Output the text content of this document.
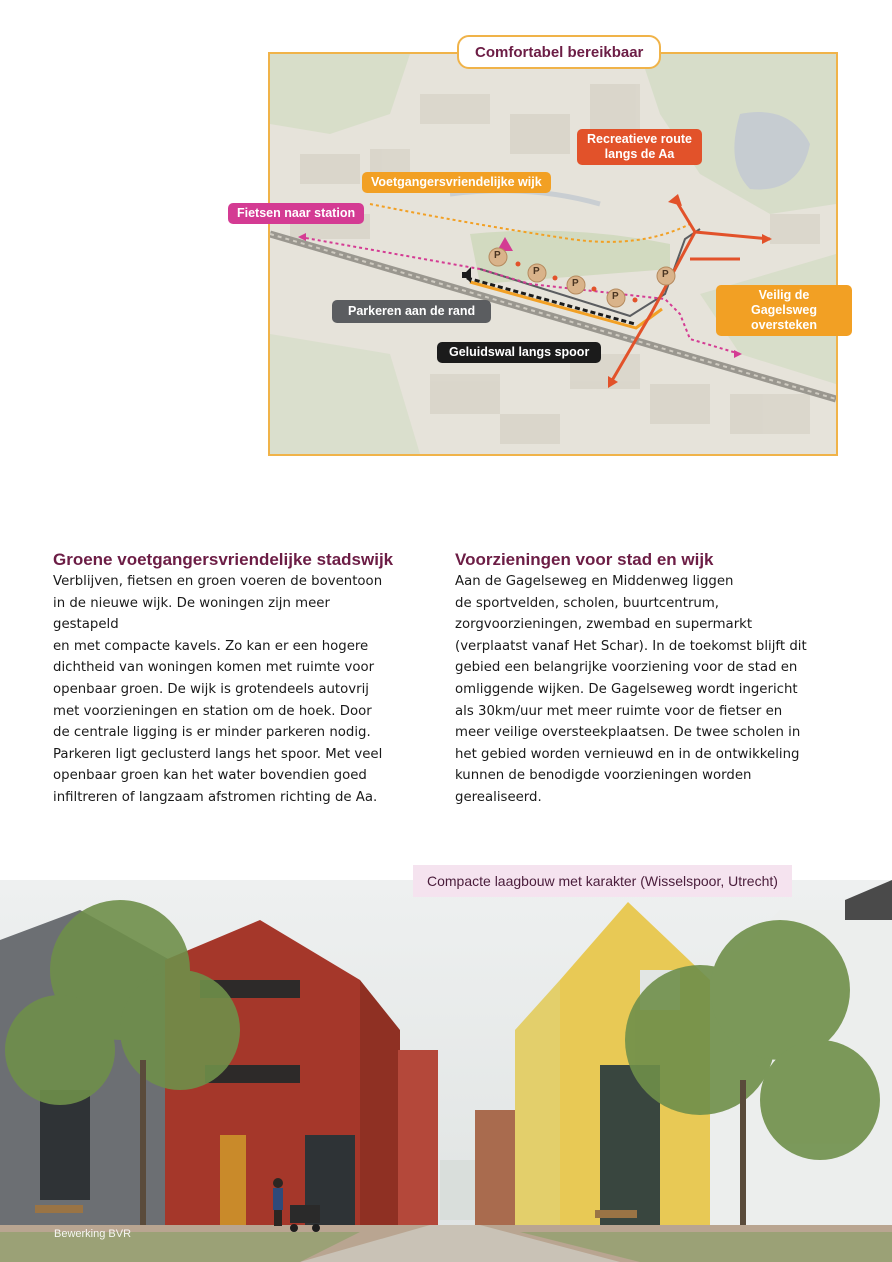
P
P
P
P
P
Comfortabel bereikbaar
Recreatieve route langs de Aa
Voetgangersvriendelijke wijk
Fietsen naar station
Parkeren aan de rand
Geluidswal langs spoor
Veilig de Gagelsweg oversteken
Groene voetgangersvriendelijke stadswijk

Verblijven, fietsen en groen voeren de boventoon
in de nieuwe wijk. De woningen zijn meer gestapeld
en met compacte kavels. Zo kan er een hogere
dichtheid van woningen komen met ruimte voor
openbaar groen. De wijk is grotendeels autovrij
met voorzieningen en station om de hoek. Door
de centrale ligging is er minder parkeren nodig.
Parkeren ligt geclusterd langs het spoor. Met veel
openbaar groen kan het water bovendien goed
infiltreren of langzaam afstromen richting de Aa.

Voorzieningen voor stad en wijk

Aan de Gagelseweg en Middenweg liggen
de sportvelden, scholen, buurtcentrum,
zorgvoorzieningen, zwembad en supermarkt
(verplaatst vanaf Het Schar). In de toekomst blijft dit
gebied een belangrijke voorziening voor de stad en
omliggende wijken. De Gagelseweg wordt ingericht
als 30km/uur met meer ruimte voor de fietser en
meer veilige oversteekplaatsen. De twee scholen in
het gebied worden vernieuwd en in de ontwikkeling
kunnen de benodigde voorzieningen worden
gerealiseerd.

Compacte laagbouw met karakter (Wisselspoor, Utrecht)
Bewerking BVR
